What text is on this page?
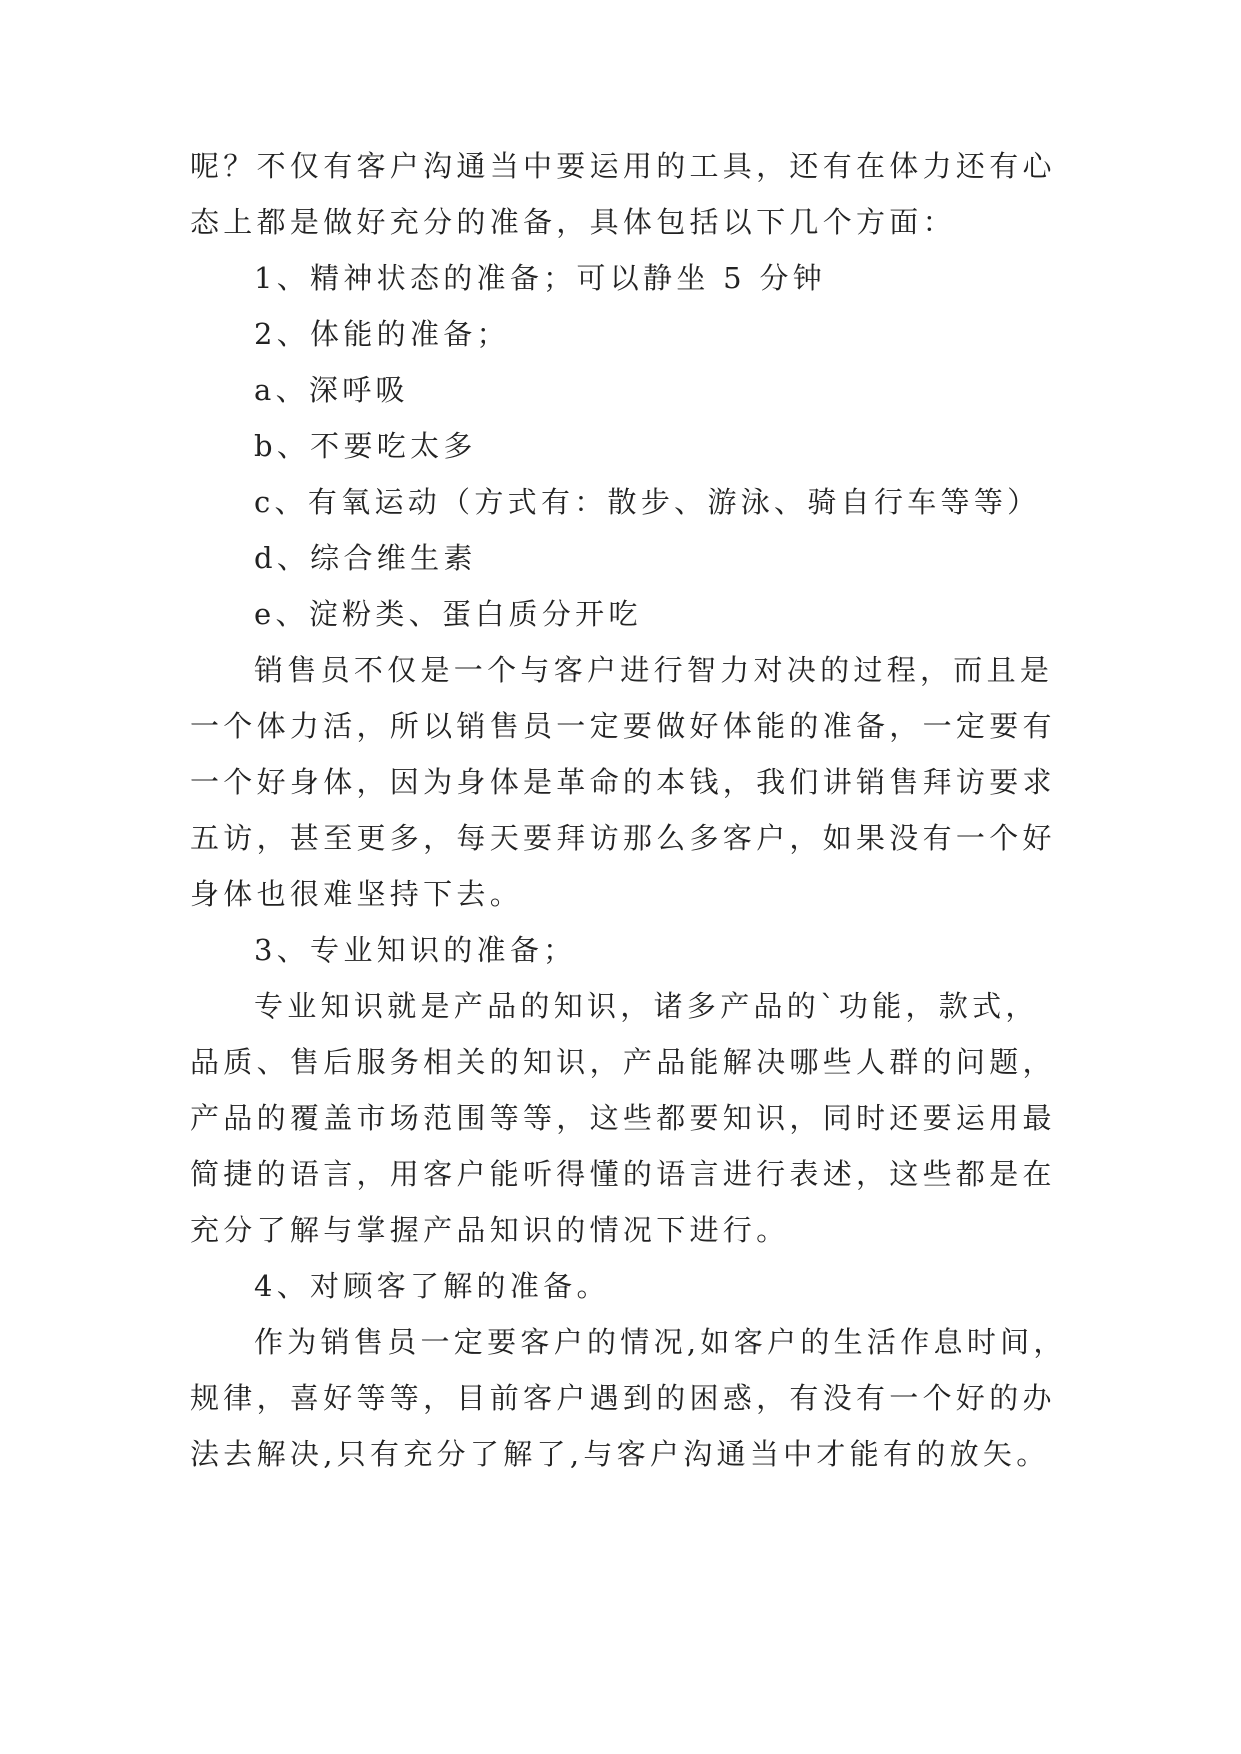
呢？不仅有客户沟通当中要运用的工具，还有在体力还有心
态上都是做好充分的准备，具体包括以下几个方面：
1、精神状态的准备；可以静坐 5 分钟
2、体能的准备；
a、深呼吸
b、不要吃太多
c、有氧运动（方式有：散步、游泳、骑自行车等等）
d、综合维生素
e、淀粉类、蛋白质分开吃
销售员不仅是一个与客户进行智力对决的过程，而且是
一个体力活，所以销售员一定要做好体能的准备，一定要有
一个好身体，因为身体是革命的本钱，我们讲销售拜访要求
五访，甚至更多，每天要拜访那么多客户，如果没有一个好
身体也很难坚持下去。
3、专业知识的准备；
专业知识就是产品的知识，诸多产品的`功能，款式，
品质、售后服务相关的知识，产品能解决哪些人群的问题，
产品的覆盖市场范围等等，这些都要知识，同时还要运用最
简捷的语言，用客户能听得懂的语言进行表述，这些都是在
充分了解与掌握产品知识的情况下进行。
4、对顾客了解的准备。
作为销售员一定要客户的情况,如客户的生活作息时间，
规律，喜好等等，目前客户遇到的困惑，有没有一个好的办
法去解决,只有充分了解了,与客户沟通当中才能有的放矢。
